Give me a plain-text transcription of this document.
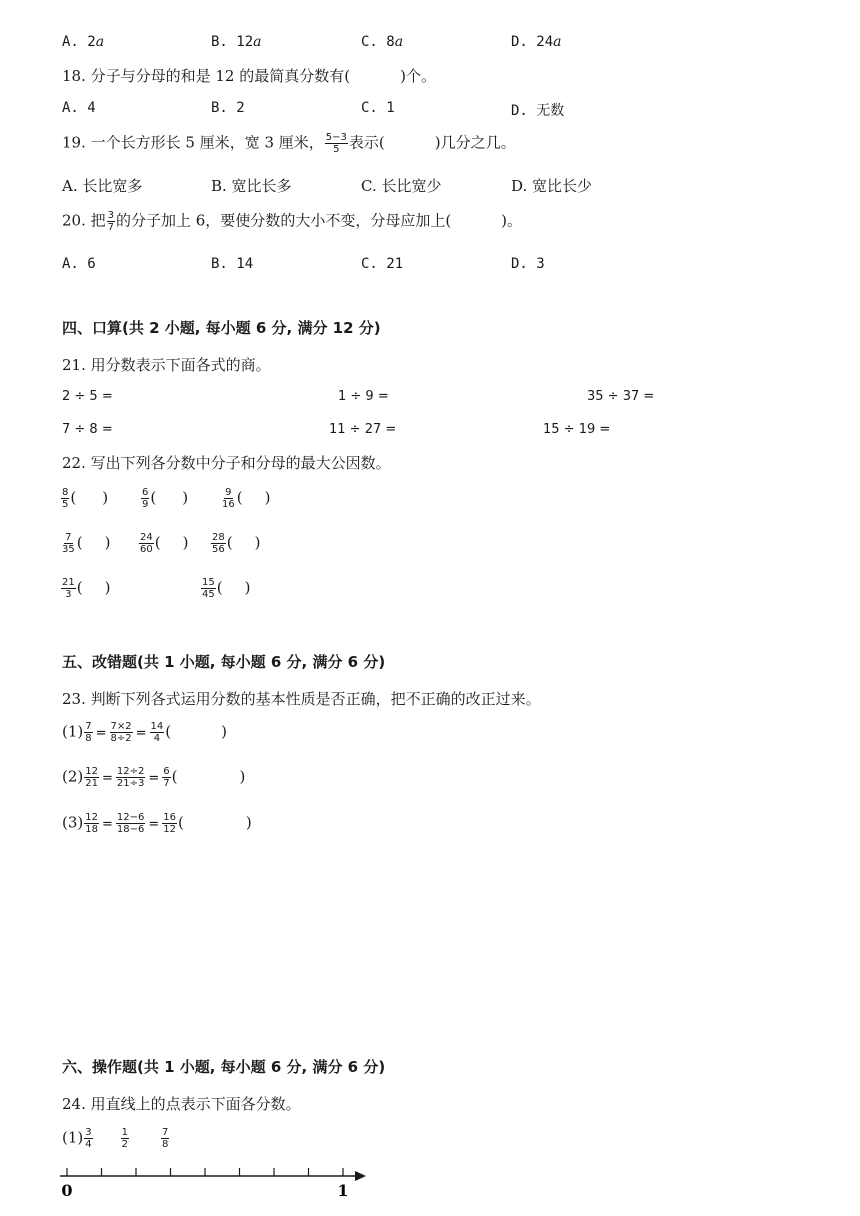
A. 2a	B. 12a	C. 8a	D. 24a
18. 分子与分母的和是 12 的最简真分数有(	)个。
A. 4	B. 2	C. 1	D. 无数
19. 一个长方形长 5 厘米，宽 3 厘米， $\frac{5-3}{5}$ 表示(	)几分之几。
A. 长比宽多	B. 宽比长多	C. 长比宽少	D. 宽比长少
20. 把 $\frac{3}{7}$ 的分子加上 6，要使分数的大小不变，分母应加上(	)。
A. 6	B. 14	C. 21	D. 3
四、口算(共 2 小题, 每小题 6 分, 满分 12 分)
21. 用分数表示下面各式的商。
2 ÷ 5 =	1 ÷ 9 =	35 ÷ 37 =
7 ÷ 8 =	11 ÷ 27 =	15 ÷ 19 =
22. 写出下列各分数中分子和分母的最大公因数。
$\frac{8}{5}$ ( )	$\frac{6}{9}$ ( )	$\frac{9}{16}$ ( )
$\frac{7}{35}$ ( )	$\frac{24}{60}$ ( ) $\frac{28}{56}$ ( )
$\frac{21}{3}$ ( )	$\frac{15}{45}$ ( )
五、改错题(共 1 小题, 每小题 6 分, 满分 6 分)
23. 判断下列各式运用分数的基本性质是否正确，把不正确的改正过来。
$(1) \frac{7}{8} = \frac{7\times 2}{8\div 2} = \frac{14}{4}$ (	)
$(2) \frac{12}{21} = \frac{12\div 2}{21\div 3} = \frac{6}{7}$ (	)
$(3) \frac{12}{18} = \frac{12-6}{18-6} = \frac{16}{12}$ (	)
六、操作题(共 1 小题, 每小题 6 分, 满分 6 分)
24. 用直线上的点表示下面各分数。
$(1) \frac{3}{4}$	$\frac{1}{2}$	$\frac{7}{8}$
0	1
